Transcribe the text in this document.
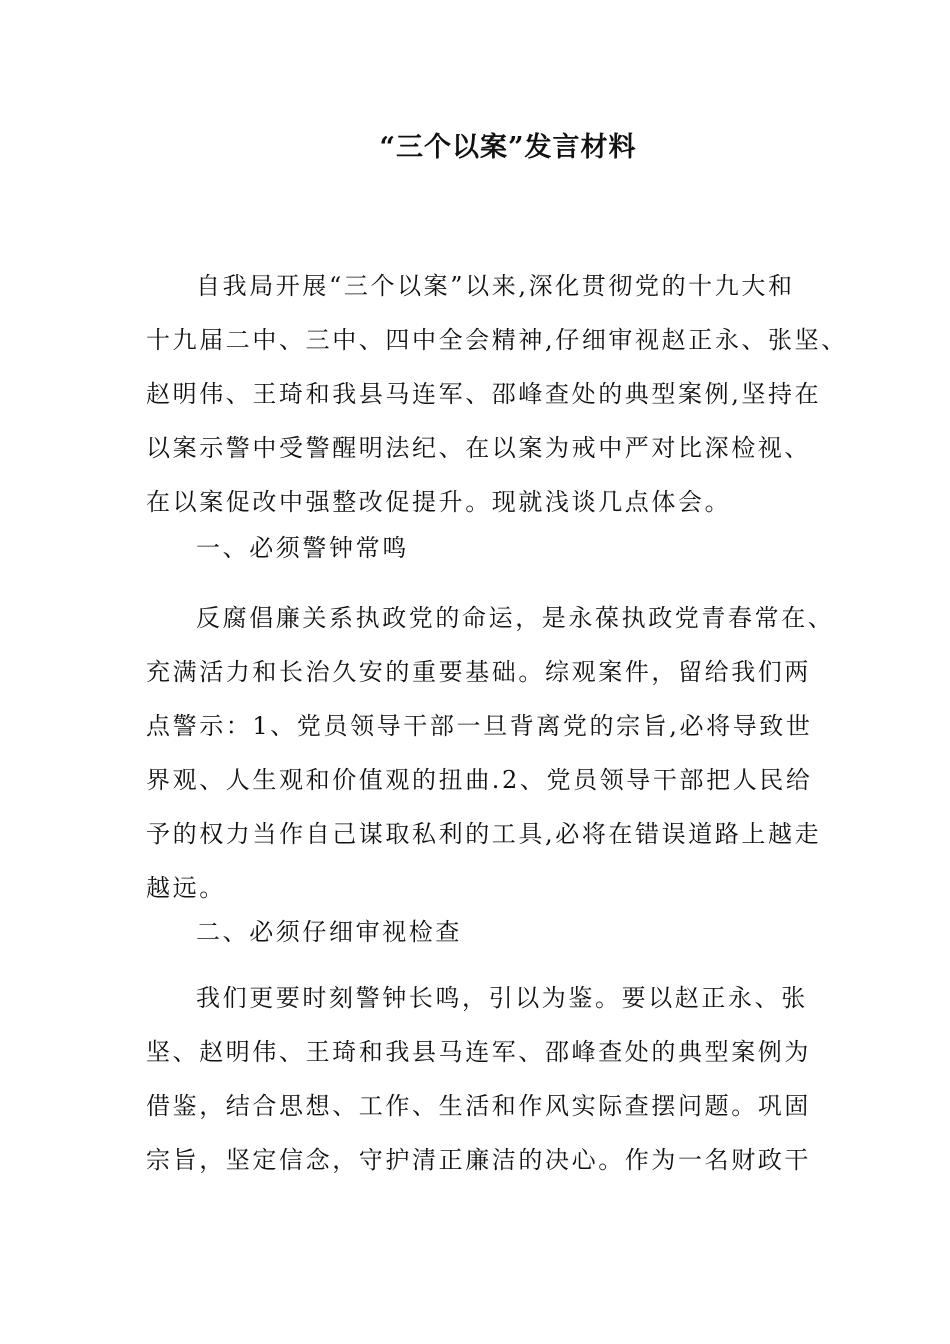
“三个以案”发言材料
自我局开展“三个以案”以来,深化贯彻党的十九大和
十九届二中、三中、四中全会精神,仔细审视赵正永、张坚、
赵明伟、王琦和我县马连军、邵峰查处的典型案例,坚持在
以案示警中受警醒明法纪、在以案为戒中严对比深检视、
在以案促改中强整改促提升。现就浅谈几点体会。
一、必须警钟常鸣
反腐倡廉关系执政党的命运，是永葆执政党青春常在、
充满活力和长治久安的重要基础。综观案件，留给我们两
点警示：1、党员领导干部一旦背离党的宗旨,必将导致世
界观、人生观和价值观的扭曲.2、党员领导干部把人民给
予的权力当作自己谋取私利的工具,必将在错误道路上越走
越远。
二、必须仔细审视检查
我们更要时刻警钟长鸣，引以为鉴。要以赵正永、张
坚、赵明伟、王琦和我县马连军、邵峰查处的典型案例为
借鉴，结合思想、工作、生活和作风实际查摆问题。巩固
宗旨，坚定信念，守护清正廉洁的决心。作为一名财政干
